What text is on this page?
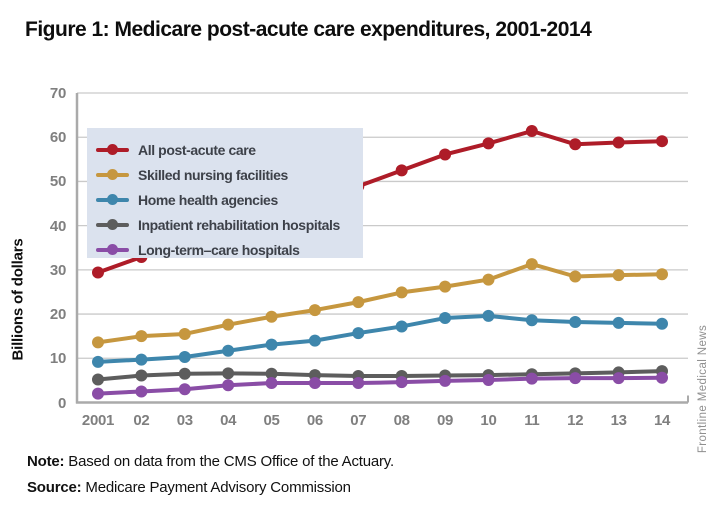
Figure 1: Medicare post-acute care expenditures, 2001-2014
Billions of dollars
0
10
20
30
40
50
60
70
2001	02	03	04	05	06	07	08	09	10	11	12	13	14
All post-acute care
Skilled nursing facilities
Home health agencies
Inpatient rehabilitation hospitals
Long-term–care hospitals
Frontline Medical News
Note: Based on data from the CMS Office of the Actuary.
Source: Medicare Payment Advisory Commission
